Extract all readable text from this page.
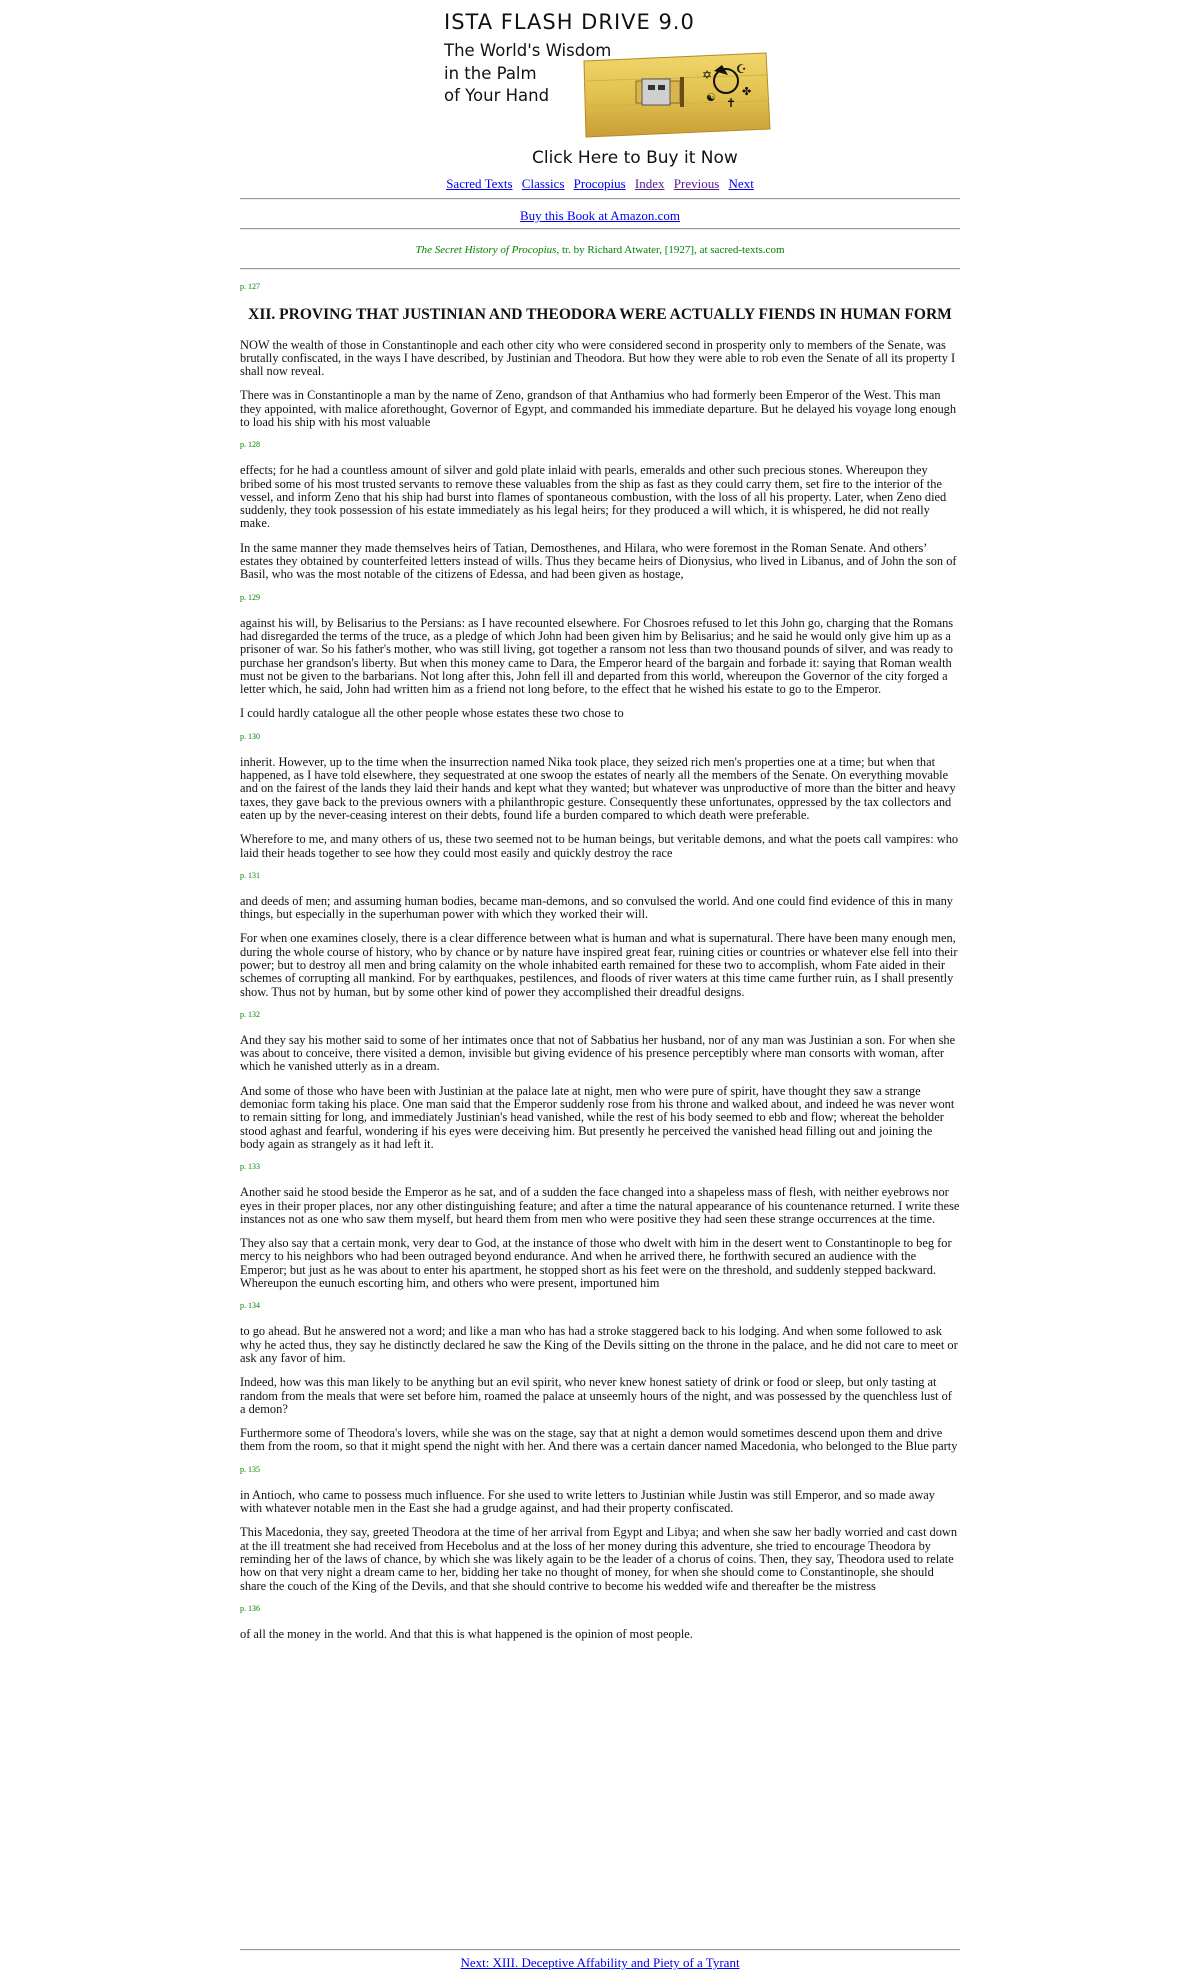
ISTA FLASH DRIVE 9.0
The World's Wisdom
in the Palm
of Your Hand
✡ ☪
☯ ✝
✤
Click Here to Buy it Now
Sacred Texts Classics Procopius Index Previous Next
Buy this Book at Amazon.com
The Secret History of Procopius, tr. by Richard Atwater, [1927], at sacred-texts.com

p. 127

XII. PROVING THAT JUSTINIAN AND THEODORA WERE ACTUALLY FIENDS IN HUMAN FORM

NOW the wealth of those in Constantinople and each other city who were considered second in prosperity only to members of the Senate, was brutally confiscated, in the ways I have described, by Justinian and Theodora. But how they were able to rob even the Senate of all its property I shall now reveal.

There was in Constantinople a man by the name of Zeno, grandson of that Anthamius who had formerly been Emperor of the West. This man they appointed, with malice aforethought, Governor of Egypt, and commanded his immediate departure. But he delayed his voyage long enough to load his ship with his most valuable

p. 128

effects; for he had a countless amount of silver and gold plate inlaid with pearls, emeralds and other such precious stones. Whereupon they bribed some of his most trusted servants to remove these valuables from the ship as fast as they could carry them, set fire to the interior of the vessel, and inform Zeno that his ship had burst into flames of spontaneous combustion, with the loss of all his property. Later, when Zeno died suddenly, they took possession of his estate immediately as his legal heirs; for they produced a will which, it is whispered, he did not really make.

In the same manner they made themselves heirs of Tatian, Demosthenes, and Hilara, who were foremost in the Roman Senate. And others’ estates they obtained by counterfeited letters instead of wills. Thus they became heirs of Dionysius, who lived in Libanus, and of John the son of Basil, who was the most notable of the citizens of Edessa, and had been given as hostage,

p. 129

against his will, by Belisarius to the Persians: as I have recounted elsewhere. For Chosroes refused to let this John go, charging that the Romans had disregarded the terms of the truce, as a pledge of which John had been given him by Belisarius; and he said he would only give him up as a prisoner of war. So his father's mother, who was still living, got together a ransom not less than two thousand pounds of silver, and was ready to purchase her grandson's liberty. But when this money came to Dara, the Emperor heard of the bargain and forbade it: saying that Roman wealth must not be given to the barbarians. Not long after this, John fell ill and departed from this world, whereupon the Governor of the city forged a letter which, he said, John had written him as a friend not long before, to the effect that he wished his estate to go to the Emperor.

I could hardly catalogue all the other people whose estates these two chose to

p. 130

inherit. However, up to the time when the insurrection named Nika took place, they seized rich men's properties one at a time; but when that happened, as I have told elsewhere, they sequestrated at one swoop the estates of nearly all the members of the Senate. On everything movable and on the fairest of the lands they laid their hands and kept what they wanted; but whatever was unproductive of more than the bitter and heavy taxes, they gave back to the previous owners with a philanthropic gesture. Consequently these unfortunates, oppressed by the tax collectors and eaten up by the never-ceasing interest on their debts, found life a burden compared to which death were preferable.

Wherefore to me, and many others of us, these two seemed not to be human beings, but veritable demons, and what the poets call vampires: who laid their heads together to see how they could most easily and quickly destroy the race

p. 131

and deeds of men; and assuming human bodies, became man-demons, and so convulsed the world. And one could find evidence of this in many things, but especially in the superhuman power with which they worked their will.

For when one examines closely, there is a clear difference between what is human and what is supernatural. There have been many enough men, during the whole course of history, who by chance or by nature have inspired great fear, ruining cities or countries or whatever else fell into their power; but to destroy all men and bring calamity on the whole inhabited earth remained for these two to accomplish, whom Fate aided in their schemes of corrupting all mankind. For by earthquakes, pestilences, and floods of river waters at this time came further ruin, as I shall presently show. Thus not by human, but by some other kind of power they accomplished their dreadful designs.

p. 132

And they say his mother said to some of her intimates once that not of Sabbatius her husband, nor of any man was Justinian a son. For when she was about to conceive, there visited a demon, invisible but giving evidence of his presence perceptibly where man consorts with woman, after which he vanished utterly as in a dream.

And some of those who have been with Justinian at the palace late at night, men who were pure of spirit, have thought they saw a strange demoniac form taking his place. One man said that the Emperor suddenly rose from his throne and walked about, and indeed he was never wont to remain sitting for long, and immediately Justinian's head vanished, while the rest of his body seemed to ebb and flow; whereat the beholder stood aghast and fearful, wondering if his eyes were deceiving him. But presently he perceived the vanished head filling out and joining the body again as strangely as it had left it.

p. 133

Another said he stood beside the Emperor as he sat, and of a sudden the face changed into a shapeless mass of flesh, with neither eyebrows nor eyes in their proper places, nor any other distinguishing feature; and after a time the natural appearance of his countenance returned. I write these instances not as one who saw them myself, but heard them from men who were positive they had seen these strange occurrences at the time.

They also say that a certain monk, very dear to God, at the instance of those who dwelt with him in the desert went to Constantinople to beg for mercy to his neighbors who had been outraged beyond endurance. And when he arrived there, he forthwith secured an audience with the Emperor; but just as he was about to enter his apartment, he stopped short as his feet were on the threshold, and suddenly stepped backward. Whereupon the eunuch escorting him, and others who were present, importuned him

p. 134

to go ahead. But he answered not a word; and like a man who has had a stroke staggered back to his lodging. And when some followed to ask why he acted thus, they say he distinctly declared he saw the King of the Devils sitting on the throne in the palace, and he did not care to meet or ask any favor of him.

Indeed, how was this man likely to be anything but an evil spirit, who never knew honest satiety of drink or food or sleep, but only tasting at random from the meals that were set before him, roamed the palace at unseemly hours of the night, and was possessed by the quenchless lust of a demon?

Furthermore some of Theodora's lovers, while she was on the stage, say that at night a demon would sometimes descend upon them and drive them from the room, so that it might spend the night with her. And there was a certain dancer named Macedonia, who belonged to the Blue party

p. 135

in Antioch, who came to possess much influence. For she used to write letters to Justinian while Justin was still Emperor, and so made away with whatever notable men in the East she had a grudge against, and had their property confiscated.

This Macedonia, they say, greeted Theodora at the time of her arrival from Egypt and Libya; and when she saw her badly worried and cast down at the ill treatment she had received from Hecebolus and at the loss of her money during this adventure, she tried to encourage Theodora by reminding her of the laws of chance, by which she was likely again to be the leader of a chorus of coins. Then, they say, Theodora used to relate how on that very night a dream came to her, bidding her take no thought of money, for when she should come to Constantinople, she should share the couch of the King of the Devils, and that she should contrive to become his wedded wife and thereafter be the mistress

p. 136

of all the money in the world. And that this is what happened is the opinion of most people.

Next: XIII. Deceptive Affability and Piety of a Tyrant
